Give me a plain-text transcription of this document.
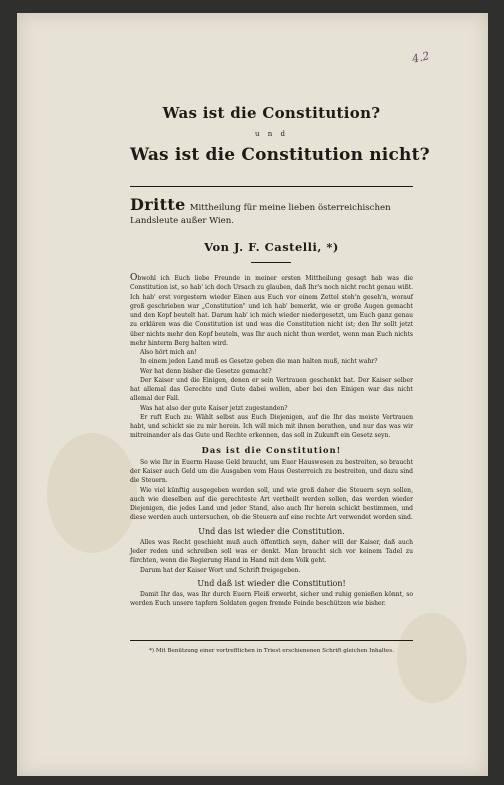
4.2
Was ist die Constitution?
u n d
Was ist die Constitution nicht?
Dritte Mittheilung für meine lieben österreichischen Landsleute außer Wien.
Von J. F. Castelli, *)

Obwohl ich Euch liebe Freunde in meiner ersten Mittheilung gesagt hab was die Constitution ist, so hab' ich doch Ursach zu glauben, daß Ihr's noch nicht recht genau wißt. Ich hab' erst vorgestern wieder Einen aus Euch vor einem Zettel steh'n geseh'n, worauf groß geschrieben war „Constitution" und ich hab' bemerkt, wie er große Augen gemacht und den Kopf beutelt hat. Darum hab' ich mich wieder niedergesetzt, um Euch ganz genau zu erklären was die Constitution ist und was die Constitution nicht ist; den Ihr sollt jetzt über nichts mehr den Kopf beuteln, was Ihr auch nicht thun werdet, wenn man Euch nichts mehr hinterm Berg halten wird.

Also hört mich an!

In einem jeden Land muß es Gesetze geben die man halten muß, nicht wahr?

Wer hat denn bisher die Gesetze gemacht?

Der Kaiser und die Einigen, denen er sein Vertrauen geschenkt hat. Der Kaiser selber hat allemal das Gerechte und Gute dabei wollen, aber bei den Einigen war das nicht allemal der Fall.

Was hat also der gute Kaiser jetzt zugestanden?

Er ruft Euch zu: Wählt selbst aus Euch Diejenigen, auf die Ihr das meiste Vertrauen habt, und schickt sie zu mir herein. Ich will mich mit ihnen berathen, und nur das was wir mitreinander als das Gute und Rechte erkennen, das soll in Zukunft ein Gesetz seyn.

Das ist die Constitution!

So wie Ihr in Euerm Hause Geld braucht, um Euer Hauswesen zu bestreiten, so braucht der Kaiser auch Geld um die Ausgaben vom Haus Oesterreich zu bestreiten, und dazu sind die Steuern.

Wie viel künftig ausgegeben werden soll, und wie groß daher die Steuern seyn sollen, auch wie dieselben auf die gerechteste Art vertheilt werden sollen, das werden wieder Diejenigen, die jedes Land und jeder Stand, also auch Ihr herein schickt bestimmen, und diese werden auch untersuchen, ob die Steuern auf eine rechte Art verwendet worden sind.

Und das ist wieder die Constitution.

Alles was Recht geschieht muß auch öffentlich seyn, daher will der Kaiser, daß auch Jeder reden und schreiben soll was er denkt. Man braucht sich vor keinem Tadel zu fürchten, wenn die Regierung Hand in Hand mit dem Volk geht.

Darum hat der Kaiser Wort und Schrift freigegeben.

Und daß ist wieder die Constitution!

Damit Ihr das, was Ihr durch Euern Fleiß erwerbt, sicher und ruhig genießen könnt, so werden Euch unsere tapfern Soldaten gegen fremde Feinde beschützen wie bisher.

*) Mit Benützung einer vortrefflichen in Triest erschienenen Schrift gleichen Inhaltes.
